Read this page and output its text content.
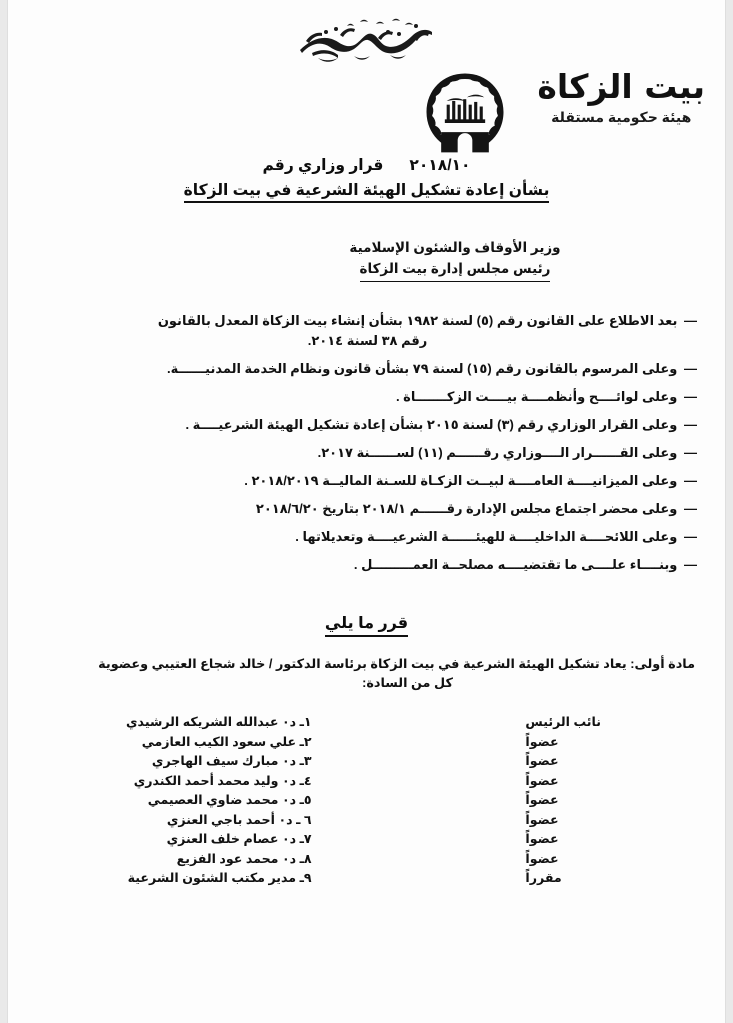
بيت الزكاة
هيئة حكومية مستقلة
٢٠١٨/١٠قرار وزاري رقم
بشأن إعادة تشكيل الهيئة الشرعية في بيت الزكاة
وزير الأوقاف والشئون الإسلامية
رئيس مجلس إدارة بيت الزكاة
— بعد الاطلاع على القانون رقم (٥) لسنة ١٩٨٢ بشأن إنشاء بيت الزكاة المعدل بالقانون
رقم ٣٨ لسنة ٢٠١٤.
— وعلى المرسوم بالقانون رقم (١٥) لسنة ٧٩ بشأن قانون ونظام الخدمة المدنيــــــة.
— وعلى لوائــــح وأنظمــــة بيــــت الزكـــــــاة .
— وعلى القرار الوزاري رقم (٣) لسنة ٢٠١٥ بشأن إعادة تشكيل الهيئة الشرعيــــة .
— وعلى القــــــرار الــــوزاري رقــــــم (١١) لســــــنة ٢٠١٧.
— وعلى الميزانيــــة العامــــة لبيــت الزكـاة للسـنة الماليــة ٢٠١٨/٢٠١٩ .
— وعلى محضر اجتماع مجلس الإدارة رقــــــم ٢٠١٨/١ بتاريخ ٢٠١٨/٦/٢٠
— وعلى اللائحــــة الداخليــــة للهيئــــــة الشرعيــــة وتعديلاتها .
— وبنــــاء علــــى ما تقتضيــــه مصلحــة العمـــــــــل .
قرر ما يلي
مادة أولى: يعاد تشكيل الهيئة الشرعية في بيت الزكاة برئاسة الدكتور / خالد شجاع العتيبي وعضوية
كل من السادة:
نائب الرئيس
عضواً
عضواً
عضواً
عضواً
عضواً
عضواً
عضواً
مقرراً
١ـ د٠ عبدالله الشريكه الرشيدي
٢ـ علي سعود الكيب العازمي
٣ـ د٠ مبارك سيف الهاجري
٤ـ د٠ وليد محمد أحمد الكندري
٥ـ د٠ محمد ضاوي العصيمي
٦ ـ د٠ أحمد باجي العنزي
٧ـ د٠ عصام خلف العنزي
٨ـ د٠ محمد عود الفزيع
٩ـ مدير مكتب الشئون الشرعية
